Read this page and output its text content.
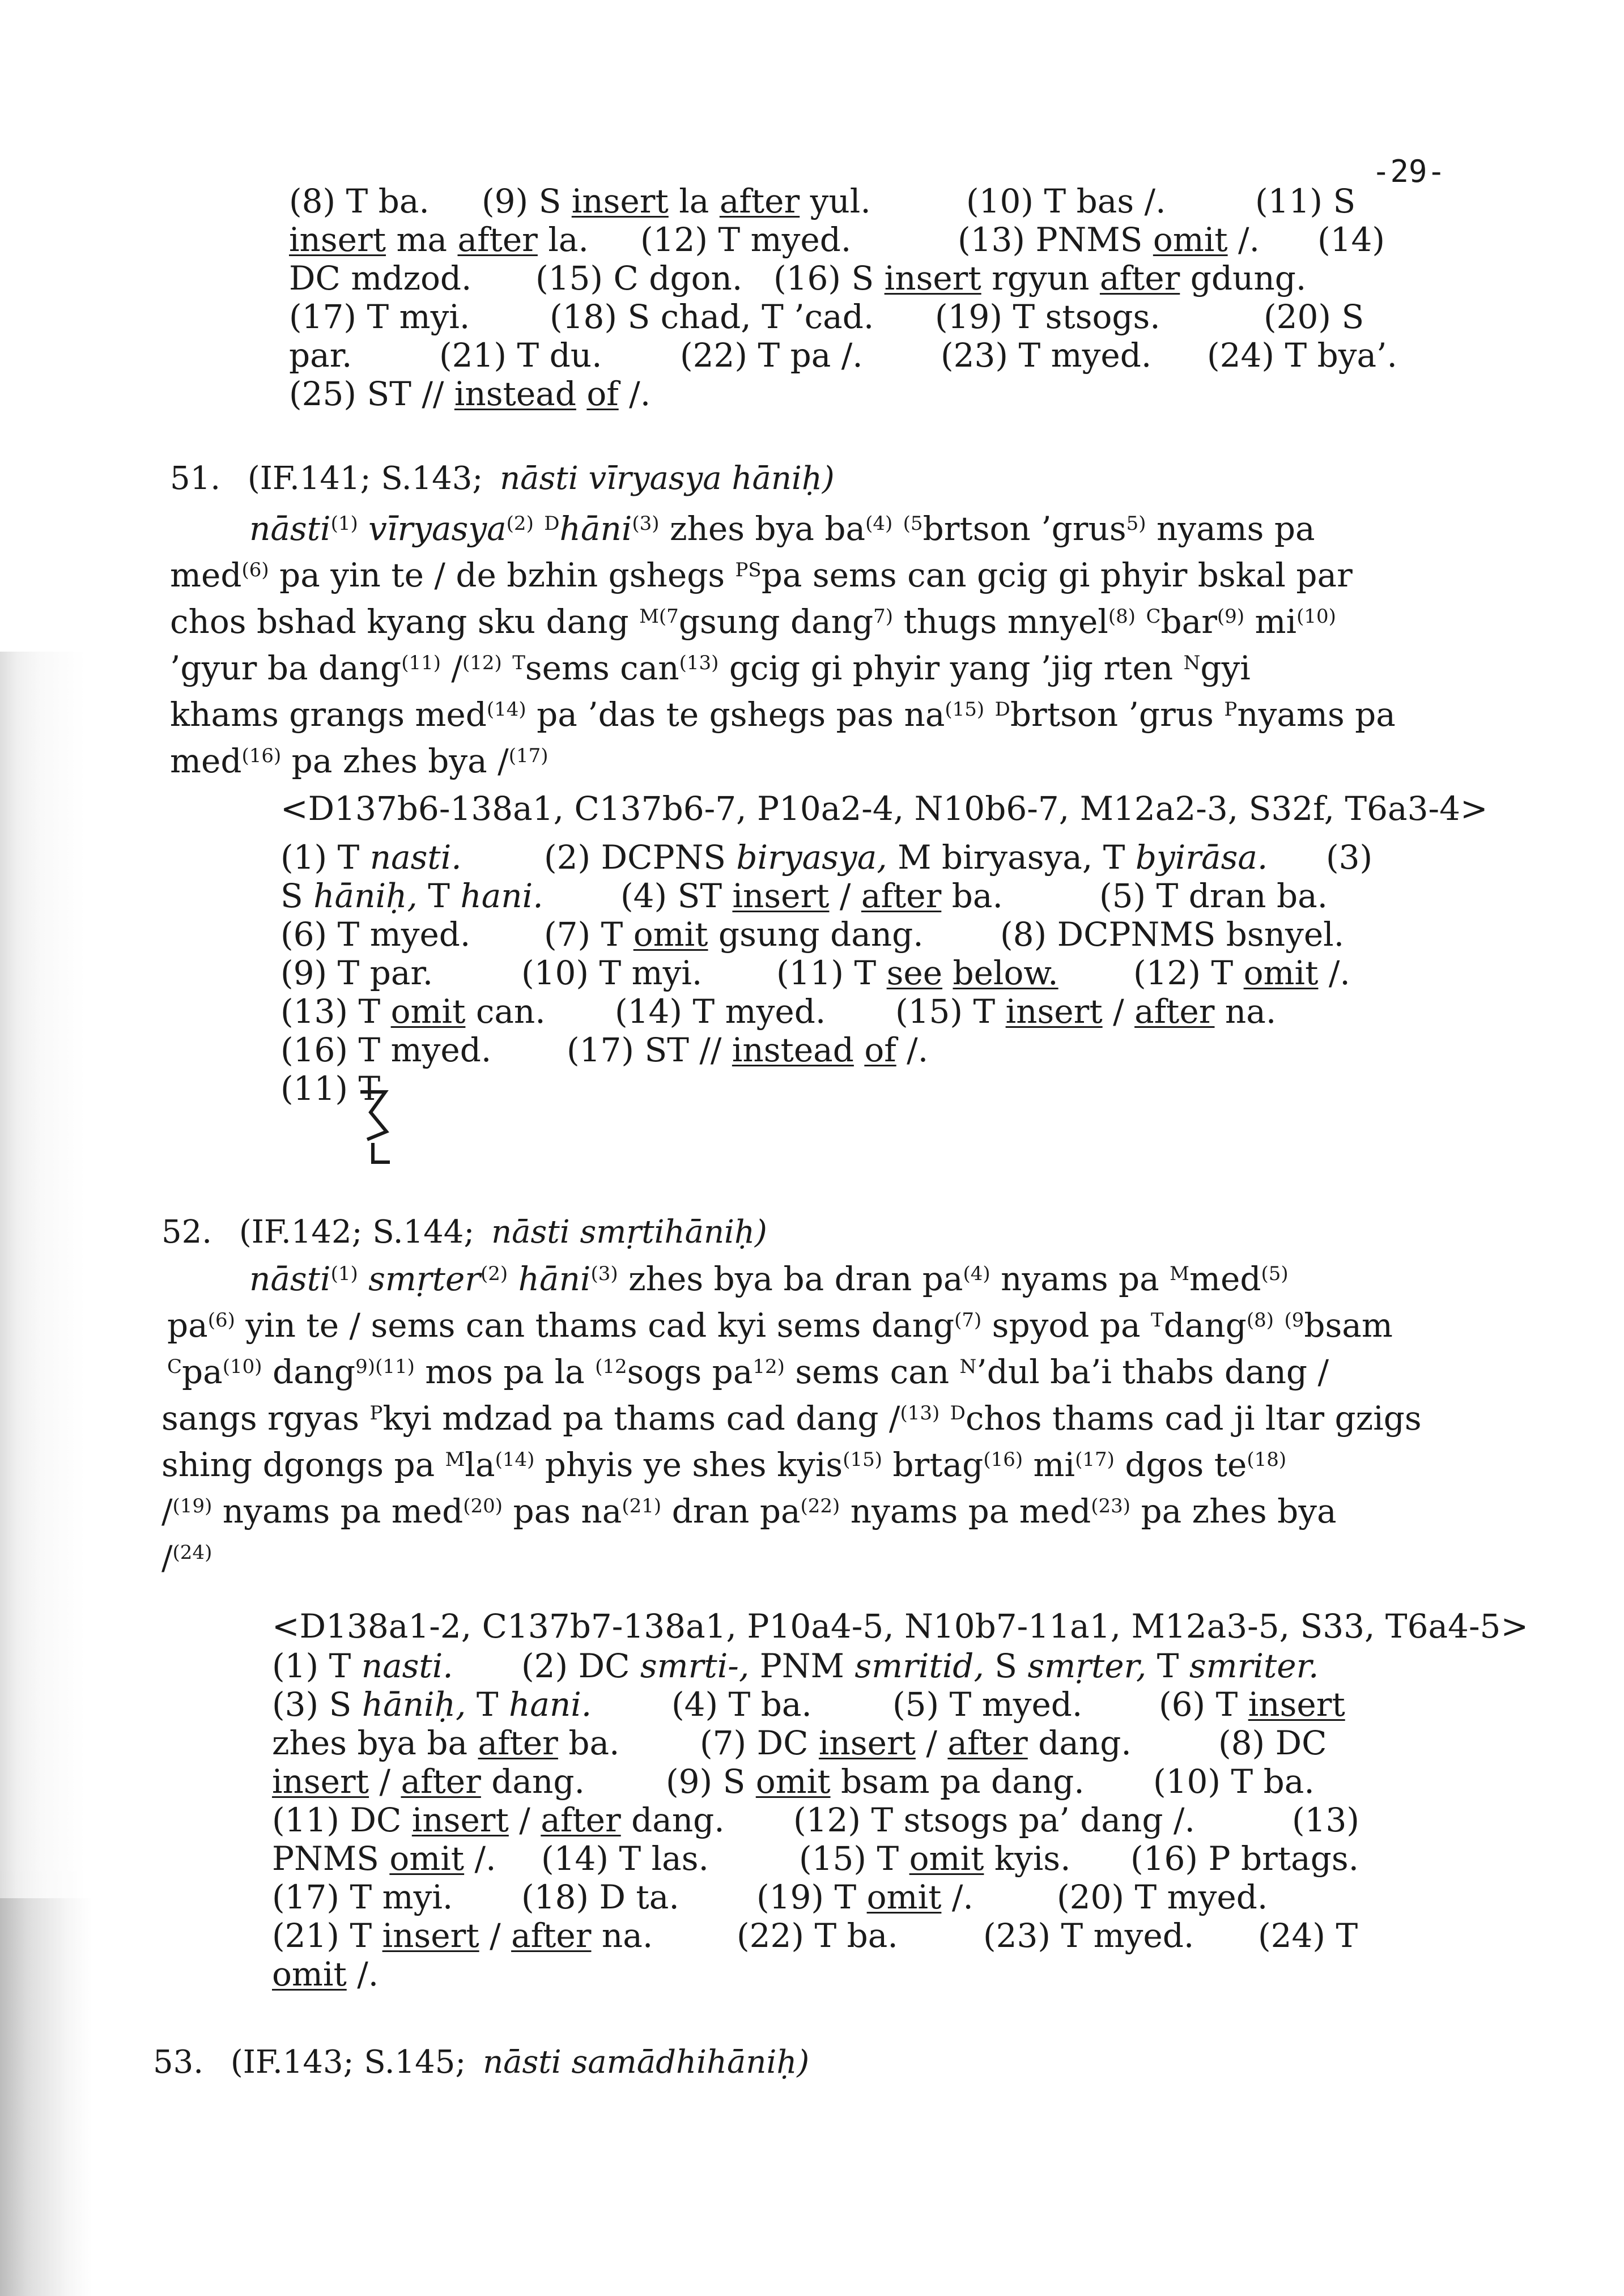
-29-
(8) T ba. (9) S insert la after yul.	(10) T bas /.	(11) S
insert ma after la. (12) T myed.	(13) PNMS omit /. (14)
DC mdzod. (15) C dgon. (16) S insert rgyun after gdung.
(17) T myi. (18) S chad, T ’cad. (19) T stsogs.	(20) S
par.	(21) T du. (22) T pa /. (23) T myed. (24) T bya’.
(25) ST // instead of /.
51. (IF.141; S.143; nāsti vīryasya hāniḥ)
nāsti$^{(1)}$ vīryasya$^{(2)}$ $^D$hāni$^{(3)}$ zhes bya $ba^{(4)}$ $^{(5}$brtson ’grus$^{5)}$ nyams pa
med$^{(6)}$ pa yin te / de bzhin gshegs $^{PS}$pa sems can gcig gi phyir bskal par
chos bshad kyang sku dang $^{M(7}$gsung dang$^{7)}$ thugs mnyel$^{(8)}$ $^C$bar$^{(9)}$ $mi^{(10)}$
’gyur ba dang$^{(11)}$ /$^{(12)}$ $^T$sems can$^{(13)}$ gcig gi phyir yang ’jig rten $^N$gyi
khams grangs med$^{(14)}$ pa ’das te gshegs pas $na^{(15)}$ $^D$brtson ’grus $^P$nyams pa
med$^{(16)}$ pa zhes bya /$^{(17)}$
<D137b6-138a1, C137b6-7, P10a2-4, N10b6-7, M12a2-3, S32f, T6a3-4>
(1) T nasti.	(2) DCPNS biryasya, M biryasya, T byirāsa. (3)
S hāniḥ, T hani. (4) ST insert / after ba.	(5) T dran ba.
(6) T myed. (7) T omit gsung dang. (8) DCPNMS bsnyel.
(9) T par.	(10) T myi. (11) T see below. (12) T omit /.
(13) T omit can. (14) T myed. (15) T insert / after na.
(16) T myed. (17) ST // instead of /.
(11) T
52. (IF.142; S.144; nāsti smṛtihāniḥ)
nāsti$^{(1)}$ smṛter$^{(2)}$ hāni$^{(3)}$ zhes bya ba dran $pa^{(4)}$ nyams pa $^M$med$^{(5)}$
$pa^{(6)}$ yin te / sems can thams cad kyi sems dang$^{(7)}$ spyod pa $^T$dang$^{(8)}$ $^{(9}$bsam
$^Cpa^{(10)}$ dang$^{9)(11)}$ mos pa la $^{(12}$sogs $pa^{12)}$ sems can $^N$’dul ba’i thabs dang /
sangs rgyas $^P$kyi mdzad pa thams cad dang /$^{(13)}$ $^D$chos thams cad ji ltar gzigs
shing dgongs pa $^Mla^{(14)}$ phyis ye shes kyis$^{(15)}$ brtag$^{(16)}$ $mi^{(17)}$ dgos $te^{(18)}$
/$^{(19)}$ nyams pa med$^{(20)}$ pas $na^{(21)}$ dran $pa^{(22)}$ nyams pa med$^{(23)}$ pa zhes bya
/$^{(24)}$
<D138a1-2, C137b7-138a1, P10a4-5, N10b7-11a1, M12a3-5, S33, T6a4-5>
(1) T nasti. (2) DC smrti-, PNM smritid, S smṛter, T smriter.
(3) S hāniḥ, T hani. (4) T ba. (5) T myed. (6) T insert
zhes bya ba after ba. (7) DC insert / after dang.	(8) DC
insert / after dang. (9) S omit bsam pa dang. (10) T ba.
(11) DC insert / after dang. (12) T stsogs pa’ dang /.	(13)
PNMS omit /. (14) T las.	(15) T omit kyis. (16) P brtags.
(17) T myi. (18) D ta. (19) T omit /.	(20) T myed.
(21) T insert / after na.	(22) T ba.	(23) T myed. (24) T
omit /.
53. (IF.143; S.145; nāsti samādhihāniḥ)
